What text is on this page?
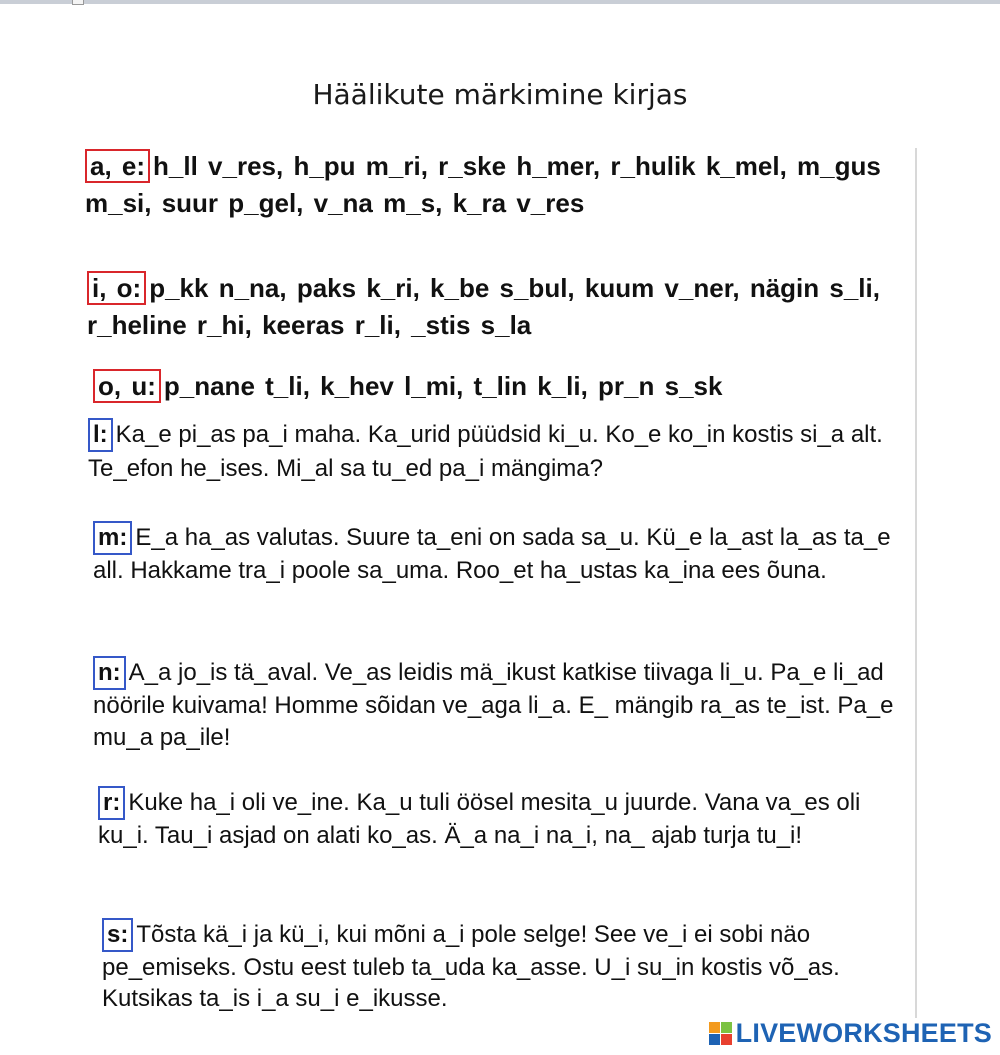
Häälikute märkimine kirjas
a, e: h_ll v_res, h_pu m_ri, r_ske h_mer, r_hulik k_mel, m_gus m_si, suur p_gel, v_na m_s, k_ra v_res
i, o: p_kk n_na, paks k_ri, k_be s_bul, kuum v_ner, nägin s_li, r_heline r_hi, keeras r_li, _stis s_la
o, u: p_nane t_li, k_hev l_mi, t_lin k_li, pr_n s_sk
l: Ka_e pi_as pa_i maha. Ka_urid püüdsid ki_u. Ko_e ko_in kostis si_a alt. Te_efon he_ises. Mi_al sa tu_ed pa_i mängima?
m: E_a ha_as valutas. Suure ta_eni on sada sa_u. Kü_e la_ast la_as ta_e all. Hakkame tra_i poole sa_uma. Roo_et ha_ustas ka_ina ees õuna.
n: A_a jo_is tä_aval. Ve_as leidis mä_ikust katkise tiivaga li_u. Pa_e li_ad nöörile kuivama! Homme sõidan ve_aga li_a. E_ mängib ra_as te_ist. Pa_e mu_a pa_ile!
r: Kuke ha_i oli ve_ine. Ka_u tuli öösel mesita_u juurde. Vana va_es oli ku_i. Tau_i asjad on alati ko_as. Ä_a na_i na_i, na_ ajab turja tu_i!
s: Tõsta kä_i ja kü_i, kui mõni a_i pole selge! See ve_i ei sobi näo pe_emiseks. Ostu eest tuleb ta_uda ka_asse. U_i su_in kostis võ_as. Kutsikas ta_is i_a su_i e_ikusse.
LIVEWORKSHEETS
